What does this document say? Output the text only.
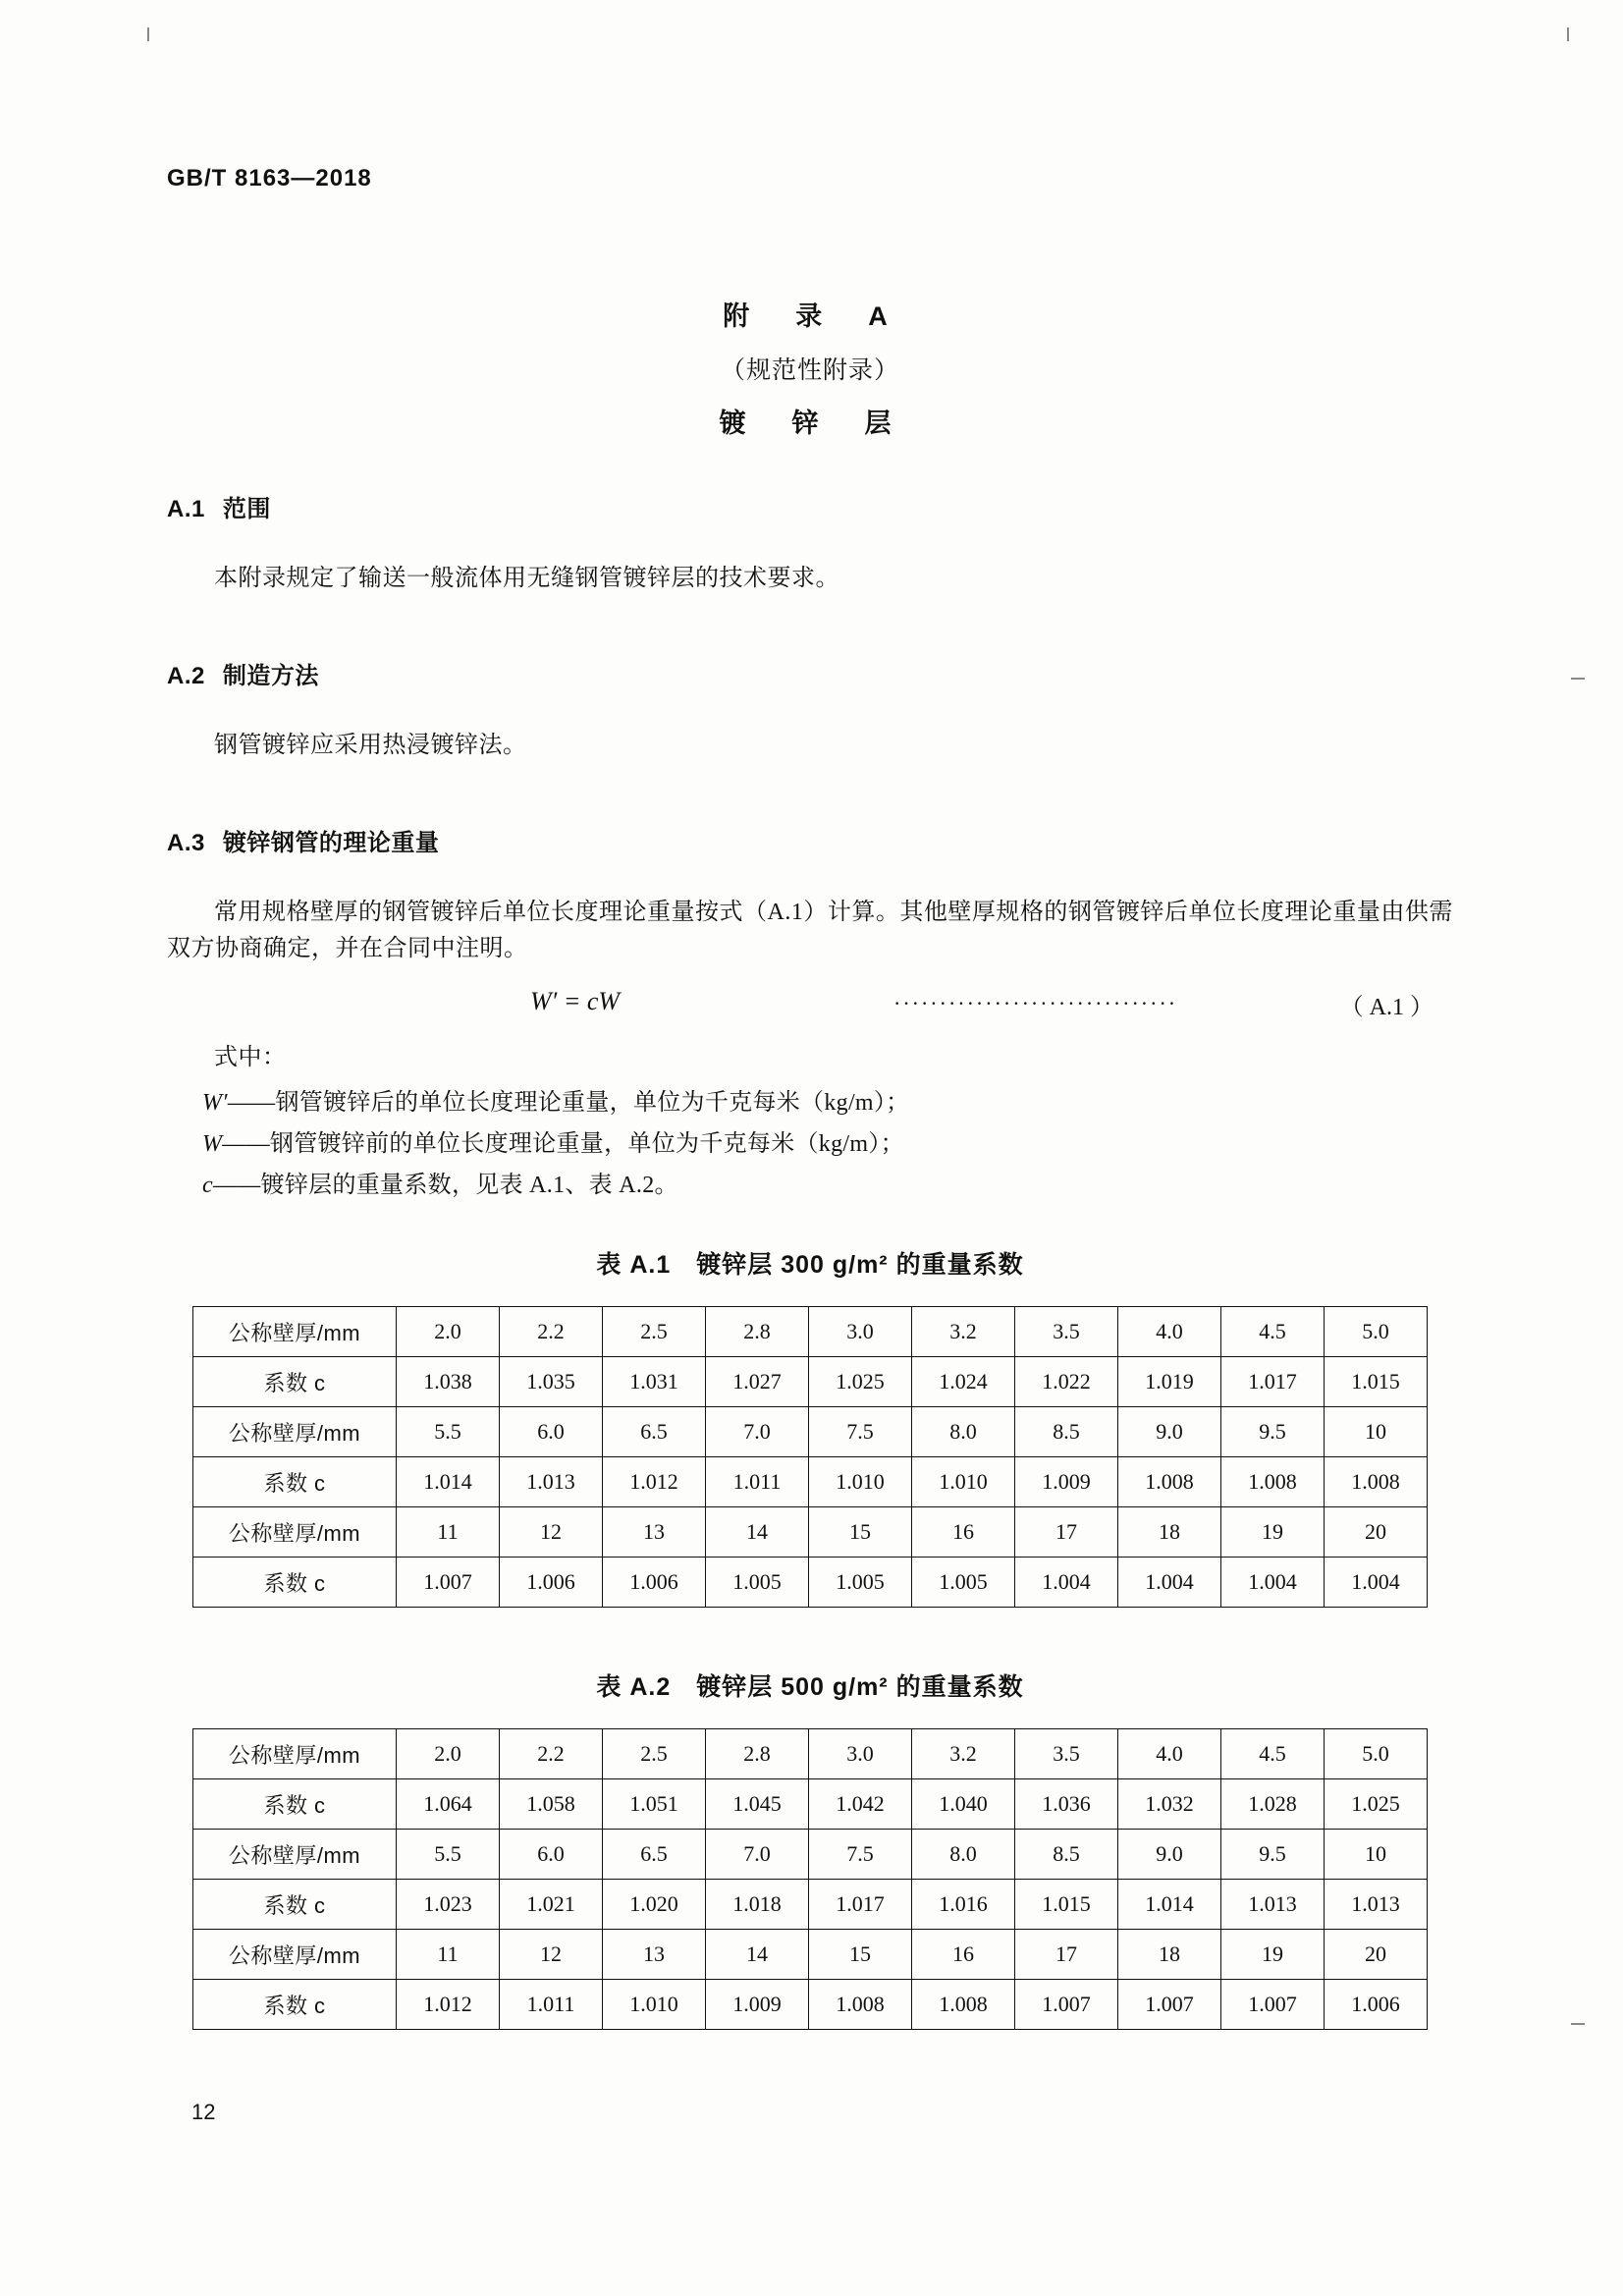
GB/T 8163—2018
附　录　A
（规范性附录）
镀　锌　层
A.1 范围
本附录规定了输送一般流体用无缝钢管镀锌层的技术要求。
A.2 制造方法
钢管镀锌应采用热浸镀锌法。
A.3 镀锌钢管的理论重量
常用规格壁厚的钢管镀锌后单位长度理论重量按式（A.1）计算。其他壁厚规格的钢管镀锌后单位长度理论重量由供需双方协商确定，并在合同中注明。
W′ = cW	·······························	（ A.1 ）
式中：
W′——钢管镀锌后的单位长度理论重量，单位为千克每米（kg/m）；
W——钢管镀锌前的单位长度理论重量，单位为千克每米（kg/m）；
c——镀锌层的重量系数，见表 A.1、表 A.2。
表 A.1　镀锌层 300 g/m² 的重量系数
公称壁厚/mm	2.0	2.2	2.5	2.8	3.0	3.2	3.5	4.0	4.5	5.0
系数 c	1.038	1.035	1.031	1.027	1.025	1.024	1.022	1.019	1.017	1.015
公称壁厚/mm	5.5	6.0	6.5	7.0	7.5	8.0	8.5	9.0	9.5	10
系数 c	1.014	1.013	1.012	1.011	1.010	1.010	1.009	1.008	1.008	1.008
公称壁厚/mm	11	12	13	14	15	16	17	18	19	20
系数 c	1.007	1.006	1.006	1.005	1.005	1.005	1.004	1.004	1.004	1.004
表 A.2　镀锌层 500 g/m² 的重量系数
公称壁厚/mm	2.0	2.2	2.5	2.8	3.0	3.2	3.5	4.0	4.5	5.0
系数 c	1.064	1.058	1.051	1.045	1.042	1.040	1.036	1.032	1.028	1.025
公称壁厚/mm	5.5	6.0	6.5	7.0	7.5	8.0	8.5	9.0	9.5	10
系数 c	1.023	1.021	1.020	1.018	1.017	1.016	1.015	1.014	1.013	1.013
公称壁厚/mm	11	12	13	14	15	16	17	18	19	20
系数 c	1.012	1.011	1.010	1.009	1.008	1.008	1.007	1.007	1.007	1.006
12
